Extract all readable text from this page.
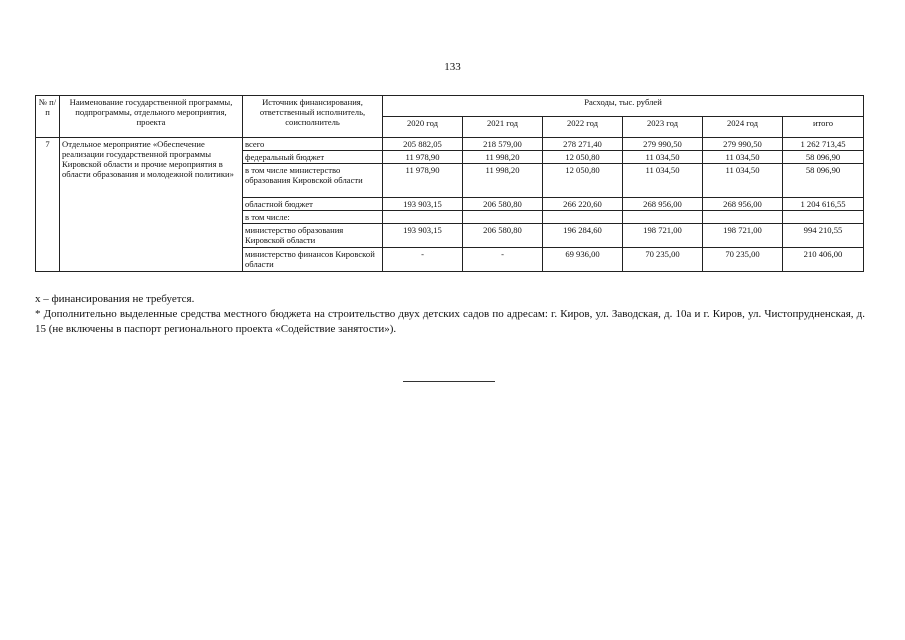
133
№ п/п	Наименование государственной программы, подпрограммы, отдельного мероприятия, проекта	Источник финансирования, ответственный исполнитель, соисполнитель	Расходы, тыс. рублей					
			2020 год	2021 год	2022 год	2023 год	2024 год	итого
7	Отдельное мероприятие «Обеспечение реализации государственной программы Кировской области и прочие мероприятия в области образования и молодежной политики»	всего	205 882,05	218 579,00	278 271,40	279 990,50	279 990,50	1 262 713,45
		федеральный бюджет	11 978,90	11 998,20	12 050,80	11 034,50	11 034,50	58 096,90
		в том числе министерство образования Кировской области	11 978,90	11 998,20	12 050,80	11 034,50	11 034,50	58 096,90
		областной бюджет	193 903,15	206 580,80	266 220,60	268 956,00	268 956,00	1 204 616,55
		в том числе:						
		министерство образования Кировской области	193 903,15	206 580,80	196 284,60	198 721,00	198 721,00	994 210,55
		министерство финансов Кировской области	-	-	69 936,00	70 235,00	70 235,00	210 406,00

х – финансирования не требуется.

* Дополнительно выделенные средства местного бюджета на строительство двух детских садов по адресам: г. Киров, ул. Заводская, д. 10а и г. Киров, ул. Чистопрудненская, д. 15 (не включены в паспорт регионального проекта «Содействие занятости»).
